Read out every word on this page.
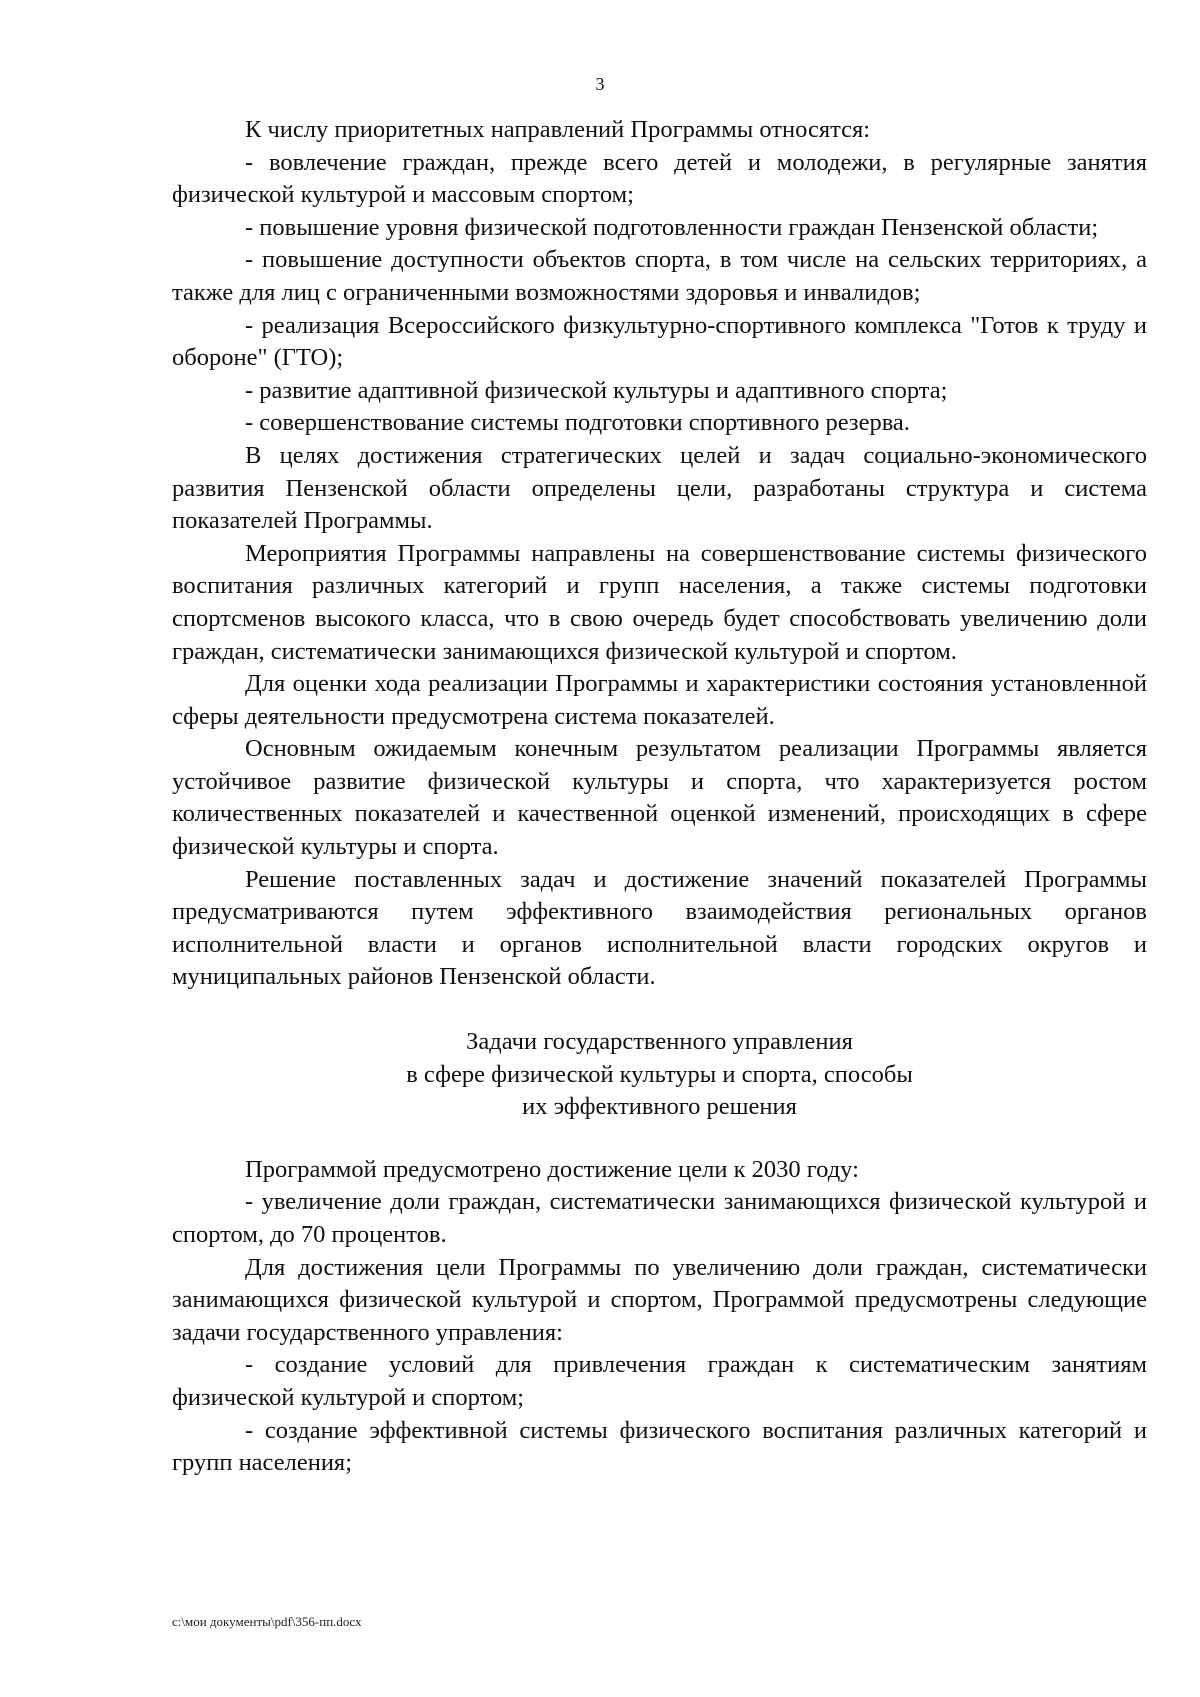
3

К числу приоритетных направлений Программы относятся:

- вовлечение граждан, прежде всего детей и молодежи, в регулярные занятия физической культурой и массовым спортом;

- повышение уровня физической подготовленности граждан Пензенской области;

- повышение доступности объектов спорта, в том числе на сельских территориях, а также для лиц с ограниченными возможностями здоровья и инвалидов;

- реализация Всероссийского физкультурно-спортивного комплекса "Готов к труду и обороне" (ГТО);

- развитие адаптивной физической культуры и адаптивного спорта;

- совершенствование системы подготовки спортивного резерва.

В целях достижения стратегических целей и задач социально-экономического развития Пензенской области определены цели, разработаны структура и система показателей Программы.

Мероприятия Программы направлены на совершенствование системы физического воспитания различных категорий и групп населения, а также системы подготовки спортсменов высокого класса, что в свою очередь будет способствовать увеличению доли граждан, систематически занимающихся физической культурой и спортом.

Для оценки хода реализации Программы и характеристики состояния установленной сферы деятельности предусмотрена система показателей.

Основным ожидаемым конечным результатом реализации Программы является устойчивое развитие физической культуры и спорта, что характеризуется ростом количественных показателей и качественной оценкой изменений, происходящих в сфере физической культуры и спорта.

Решение поставленных задач и достижение значений показателей Программы предусматриваются путем эффективного взаимодействия региональных органов исполнительной власти и органов исполнительной власти городских округов и муниципальных районов Пензенской области.

Задачи государственного управления
в сфере физической культуры и спорта, способы
их эффективного решения

Программой предусмотрено достижение цели к 2030 году:

- увеличение доли граждан, систематически занимающихся физической культурой и спортом, до 70 процентов.

Для достижения цели Программы по увеличению доли граждан, систематически занимающихся физической культурой и спортом, Программой предусмотрены следующие задачи государственного управления:

- создание условий для привлечения граждан к систематическим занятиям физической культурой и спортом;

- создание эффективной системы физического воспитания различных категорий и групп населения;

c:\мои документы\pdf\356-пп.docx
